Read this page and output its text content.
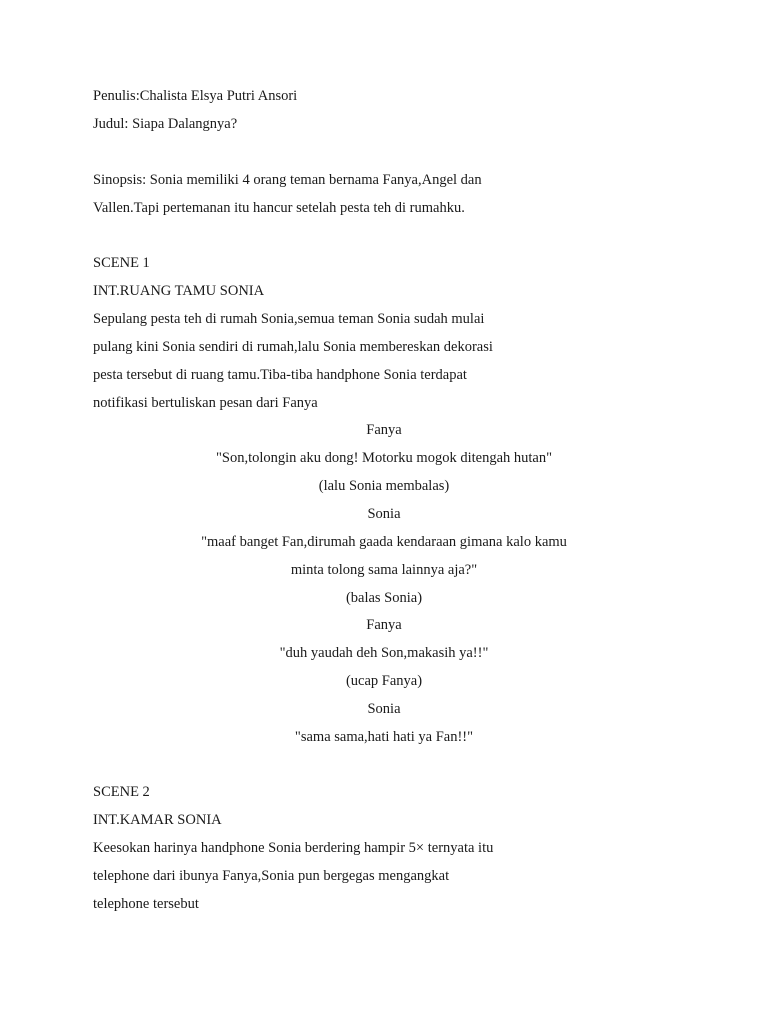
Penulis:Chalista Elsya Putri Ansori
Judul: Siapa Dalangnya?
Sinopsis: Sonia memiliki 4 orang teman bernama Fanya,Angel dan
Vallen.Tapi pertemanan itu hancur setelah pesta teh di rumahku.
SCENE 1
INT.RUANG TAMU SONIA
Sepulang pesta teh di rumah Sonia,semua teman Sonia sudah mulai
pulang kini Sonia sendiri di rumah,lalu Sonia membereskan dekorasi
pesta tersebut di ruang tamu.Tiba-tiba handphone Sonia terdapat
notifikasi bertuliskan pesan dari Fanya
Fanya
"Son,tolongin aku dong! Motorku mogok ditengah hutan"
(lalu Sonia membalas)
Sonia
"maaf banget Fan,dirumah gaada kendaraan gimana kalo kamu
minta tolong sama lainnya aja?"
(balas Sonia)
Fanya
"duh yaudah deh Son,makasih ya!!"
(ucap Fanya)
Sonia
"sama sama,hati hati ya Fan!!"
SCENE 2
INT.KAMAR SONIA
Keesokan harinya handphone Sonia berdering hampir 5× ternyata itu
telephone dari ibunya Fanya,Sonia pun bergegas mengangkat
telephone tersebut
